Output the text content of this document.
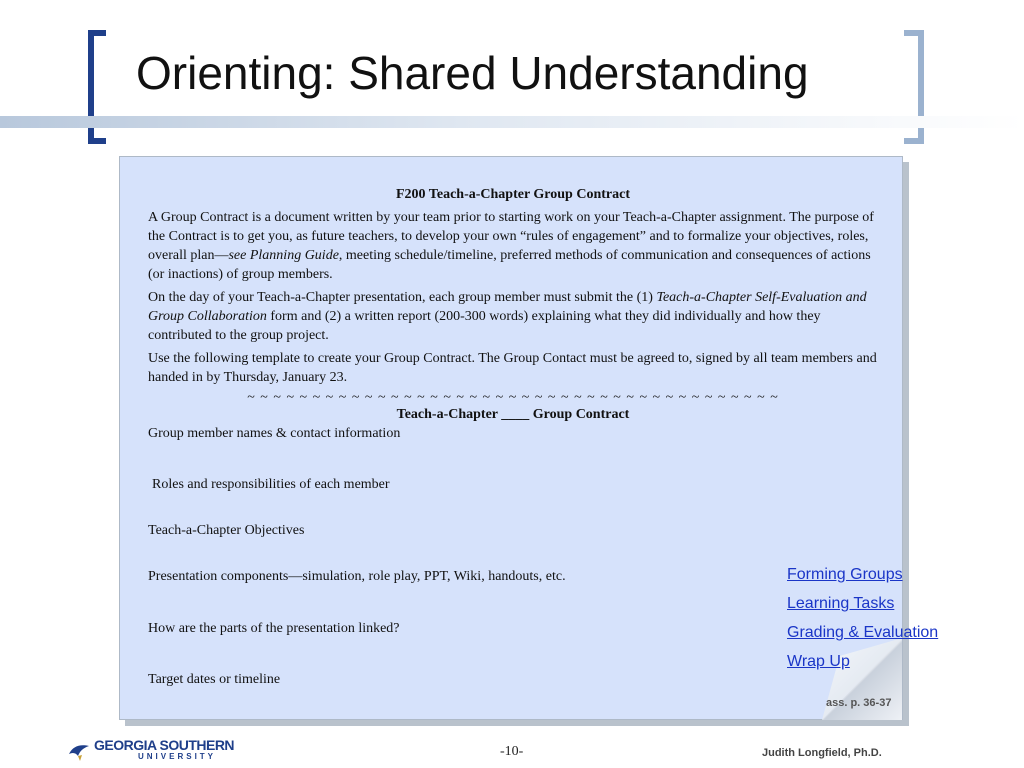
Orienting: Shared Understanding

F200 Teach-a-Chapter Group Contract

A Group Contract is a document written by your team prior to starting work on your Teach-a-Chapter assignment. The purpose of the Contract is to get you, as future teachers, to develop your own “rules of engagement” and to formalize your objectives, roles, overall plan—see Planning Guide, meeting schedule/timeline, preferred methods of communication and consequences of actions (or inactions) of group members.

On the day of your Teach-a-Chapter presentation, each group member must submit the (1) Teach-a-Chapter Self-Evaluation and Group Collaboration form and (2) a written report (200-300 words) explaining what they did individually and how they contributed to the group project.

Use the following template to create your Group Contract. The Group Contact must be agreed to, signed by all team members and handed in by Thursday, January 23.

~ ~ ~ ~ ~ ~ ~ ~ ~ ~ ~ ~ ~ ~ ~ ~ ~ ~ ~ ~ ~ ~ ~ ~ ~ ~ ~ ~ ~ ~ ~ ~ ~ ~ ~ ~ ~ ~ ~ ~ ~

Teach-a-Chapter ____ Group Contract

Group member names & contact information
Roles and responsibilities of each member
Teach-a-Chapter Objectives
Presentation components—simulation, role play, PPT, Wiki, handouts, etc.
How are the parts of the presentation linked?
Target dates or timeline
Forming Groups
Learning Tasks
Grading & Evaluation
Wrap Up
ass. p. 36-37
GEORGIA SOUTHERN
UNIVERSITY	-10-	Judith Longfield, Ph.D.
